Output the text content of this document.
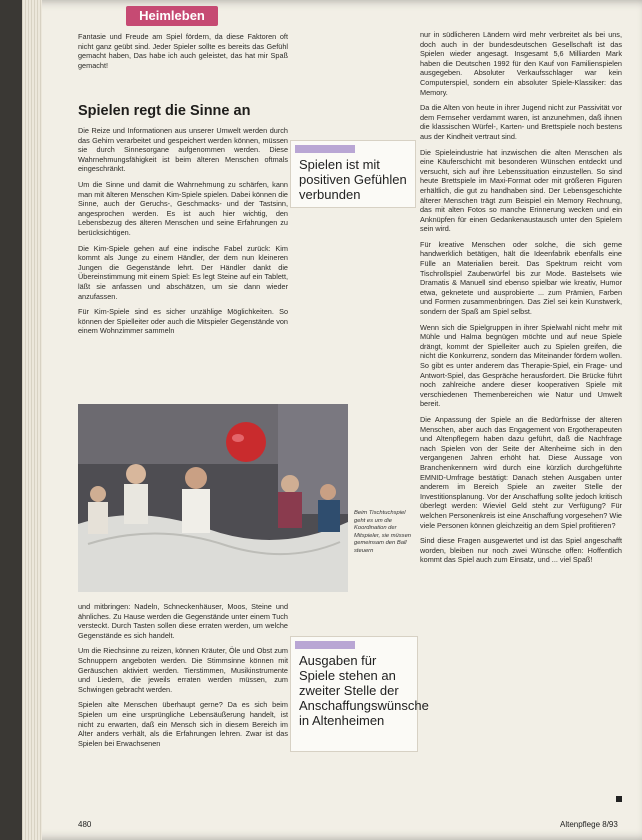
Heimleben

Fantasie und Freude am Spiel fördern, da diese Faktoren oft nicht ganz geübt sind. Jeder Spieler sollte es bereits das Gefühl gemacht haben, Das habe ich auch geleistet, das hat mir Spaß gemacht!

Spielen regt die Sinne an

Die Reize und Informationen aus unserer Umwelt werden durch das Gehirn verarbeitet und gespeichert werden können, müssen sie durch Sinnesorgane aufgenommen werden. Diese Wahrnehmungsfähigkeit ist beim älteren Menschen oftmals eingeschränkt.

Um die Sinne und damit die Wahrnehmung zu schärfen, kann man mit älteren Menschen Kim-Spiele spielen. Dabei können die Sinne, auch der Geruchs-, Geschmacks- und der Tastsinn, angesprochen werden. Es ist auch hier wichtig, den Lebensbezug des älteren Menschen und seine Erfahrungen zu berücksichtigen.

Die Kim-Spiele gehen auf eine indische Fabel zurück: Kim kommt als Junge zu einem Händler, der dem nun kleineren Jungen die Gegenstände lehrt. Der Händler dankt die Übereinstimmung mit einem Spiel: Es legt Steine auf ein Tablett, läßt sie anfassen und abschätzen, um sie dann wieder anzufassen.

Für Kim-Spiele sind es sicher unzählige Möglichkeiten. So können der Spielleiter oder auch die Mitspieler Gegenstände von einem Wohnzimmer sammeln

Spielen ist mit positiven Gefühlen verbunden
Beim Tischtuchspiel geht es um die Koordination der Mitspieler, sie müssen gemeinsam den Ball steuern

und mitbringen: Nadeln, Schneckenhäuser, Moos, Steine und ähnliches. Zu Hause werden die Gegenstände unter einem Tuch versteckt. Durch Tasten sollen diese erraten werden, um welche Gegenstände es sich handelt.

Um die Riechsinne zu reizen, können Kräuter, Öle und Obst zum Schnuppern angeboten werden. Die Stimmsinne können mit Geräuschen aktiviert werden. Tierstimmen, Musikinstrumente und Liedern, die jeweils erraten werden müssen, zum Schwingen gebracht werden.

Spielen alte Menschen überhaupt gerne? Da es sich beim Spielen um eine ursprüngliche Lebensäußerung handelt, ist nicht zu erwarten, daß ein Mensch sich in diesem Bereich im Alter anders verhält, als die Erfahrungen lehren. Zwar ist das Spielen bei Erwachsenen

Ausgaben für Spiele stehen an zweiter Stelle der Anschaffungswünsche in Altenheimen

nur in südlicheren Ländern wird mehr verbreitet als bei uns, doch auch in der bundesdeutschen Gesellschaft ist das Spielen wieder angesagt. Insgesamt 5,6 Milliarden Mark haben die Deutschen 1992 für den Kauf von Familienspielen ausgegeben. Absoluter Verkaufsschlager war kein Computerspiel, sondern ein absoluter Spiele-Klassiker: das Memory.

Da die Alten von heute in ihrer Jugend nicht zur Passivität vor dem Fernseher verdammt waren, ist anzunehmen, daß ihnen die klassischen Würfel-, Karten- und Brettspiele noch bestens aus der Kindheit vertraut sind.

Die Spieleindustrie hat inzwischen die alten Menschen als eine Käuferschicht mit besonderen Wünschen entdeckt und versucht, sich auf ihre Lebenssituation einzustellen. So sind heute Brettspiele im Maxi-Format oder mit größeren Figuren erhältlich, die gut zu handhaben sind. Der Lebensgeschichte älterer Menschen trägt zum Beispiel ein Memory Rechnung, das mit alten Fotos so manche Erinnerung wecken und ein Anknüpfen für einen Gedankenaustausch unter den Spielern sein wird.

Für kreative Menschen oder solche, die sich gerne handwerklich betätigen, hält die Ideenfabrik ebenfalls eine Fülle an Materialien bereit. Das Spektrum reicht vom Tischrollspiel Zauberwürfel bis zur Mode. Bastelsets wie Dramatis & Manuell sind ebenso spielbar wie kreativ, Humor etwa, geknetete und ausprobierte ... zum Prämien, Farben und Formen zusammenbringen. Das Ziel sei kein Kunstwerk, sondern der Spaß am Spiel selbst.

Wenn sich die Spielgruppen in ihrer Spielwahl nicht mehr mit Mühle und Halma begnügen möchte und auf neue Spiele drängt, kommt der Spielleiter auch zu Spielen greifen, die nicht die Konkurrenz, sondern das Miteinander fördern wollen. So gibt es unter anderem das Therapie-Spiel, ein Frage- und Antwort-Spiel, das Gespräche herausfordert. Die Brücke führt noch zahlreiche andere dieser kooperativen Spiele mit verschiedenen Themenbereichen wie Natur und Umwelt bereit.

Die Anpassung der Spiele an die Bedürfnisse der älteren Menschen, aber auch das Engagement von Ergotherapeuten und Altenpflegern haben dazu geführt, daß die Nachfrage nach Spielen von der Seite der Altenheime sich in den vergangenen Jahren erhöht hat. Diese Aussage von Branchenkennern wird durch eine kürzlich durchgeführte EMNID-Umfrage bestätigt: Danach stehen Ausgaben unter anderem im Bereich Spiele an zweiter Stelle der Investitionsplanung. Vor der Anschaffung sollte jedoch kritisch überlegt werden: Wieviel Geld steht zur Verfügung? Für welchen Personenkreis ist eine Anschaffung vorgesehen? Wie viele Personen können gleichzeitig an dem Spiel profitieren?

Sind diese Fragen ausgewertet und ist das Spiel angeschafft worden, bleiben nur noch zwei Wünsche offen: Hoffentlich kommt das Spiel auch zum Einsatz, und ... viel Spaß!

480	Altenpflege 8/93
